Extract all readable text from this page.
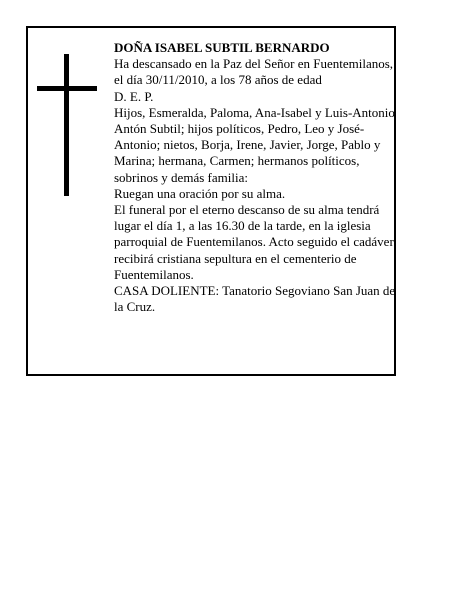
DOÑA ISABEL SUBTIL BERNARDO

Ha descansado en la Paz del Señor en Fuentemilanos, el día 30/11/2010, a los 78 años de edad

D. E. P.

Hijos, Esmeralda, Paloma, Ana-Isabel y Luis-Antonio Antón Subtil; hijos políticos, Pedro, Leo y José-Antonio; nietos, Borja, Irene, Javier, Jorge, Pablo y Marina; hermana, Carmen; hermanos políticos, sobrinos y demás familia:

Ruegan una oración por su alma.

El funeral por el eterno descanso de su alma tendrá lugar el día 1, a las 16.30 de la tarde, en la iglesia parroquial de Fuentemilanos. Acto seguido el cadáver recibirá cristiana sepultura en el cementerio de Fuentemilanos.

CASA DOLIENTE: Tanatorio Segoviano San Juan de la Cruz.
